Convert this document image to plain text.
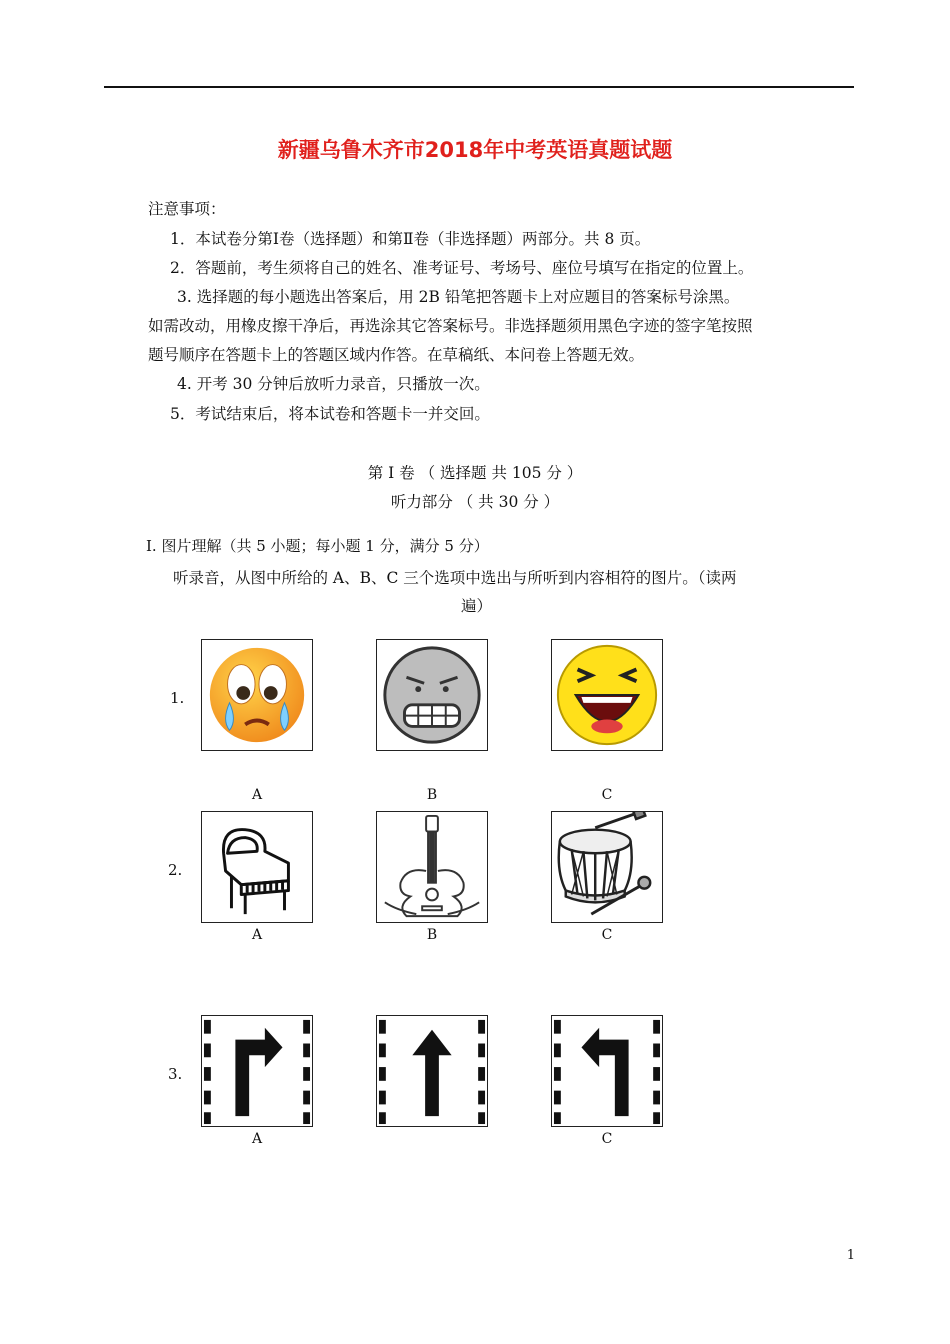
新疆乌鲁木齐市2018年中考英语真题试题
注意事项：
1．本试卷分第Ⅰ卷（选择题）和第Ⅱ卷（非选择题）两部分。共 8 页。
2．答题前，考生须将自己的姓名、准考证号、考场号、座位号填写在指定的位置上。
3. 选择题的每小题选出答案后，用 2B 铅笔把答题卡上对应题目的答案标号涂黑。
如需改动，用橡皮擦干净后，再选涂其它答案标号。非选择题须用黑色字迹的签字笔按照
题号顺序在答题卡上的答题区域内作答。在草稿纸、本问卷上答题无效。
4. 开考 30 分钟后放听力录音，只播放一次。
5．考试结束后，将本试卷和答题卡一并交回。
第 Ⅰ 卷 （ 选择题 共 105 分 ）
听力部分 （ 共 30 分 ）
Ⅰ. 图片理解（共 5 小题；每小题 1 分，满分 5 分）
听录音，从图中所给的 A、B、C 三个选项中选出与所听到内容相符的图片。（读两
遍）
1.
A	B	C
2.
A	B	C
3.
A	C
1
